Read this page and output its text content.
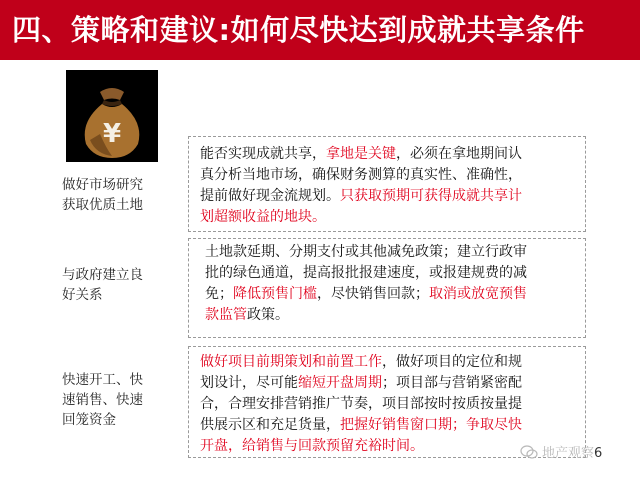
四、策略和建议:如何尽快达到成就共享条件
¥
做好市场研究
获取优质土地
与政府建立良
好关系
快速开工、快
速销售、快速
回笼资金
能否实现成就共享，拿地是关键，必须在拿地期间认
真分析当地市场，确保财务测算的真实性、准确性，
提前做好现金流规划。只获取预期可获得成就共享计
划超额收益的地块。
土地款延期、分期支付或其他减免政策；建立行政审
批的绿色通道，提高报批报建速度，或报建规费的减
免；降低预售门槛，尽快销售回款；取消或放宽预售
款监管政策。
做好项目前期策划和前置工作，做好项目的定位和规
划设计，尽可能缩短开盘周期；项目部与营销紧密配
合，合理安排营销推广节奏，项目部按时按质按量提
供展示区和充足货量，把握好销售窗口期；争取尽快
开盘，给销售与回款预留充裕时间。	地产观察 6
